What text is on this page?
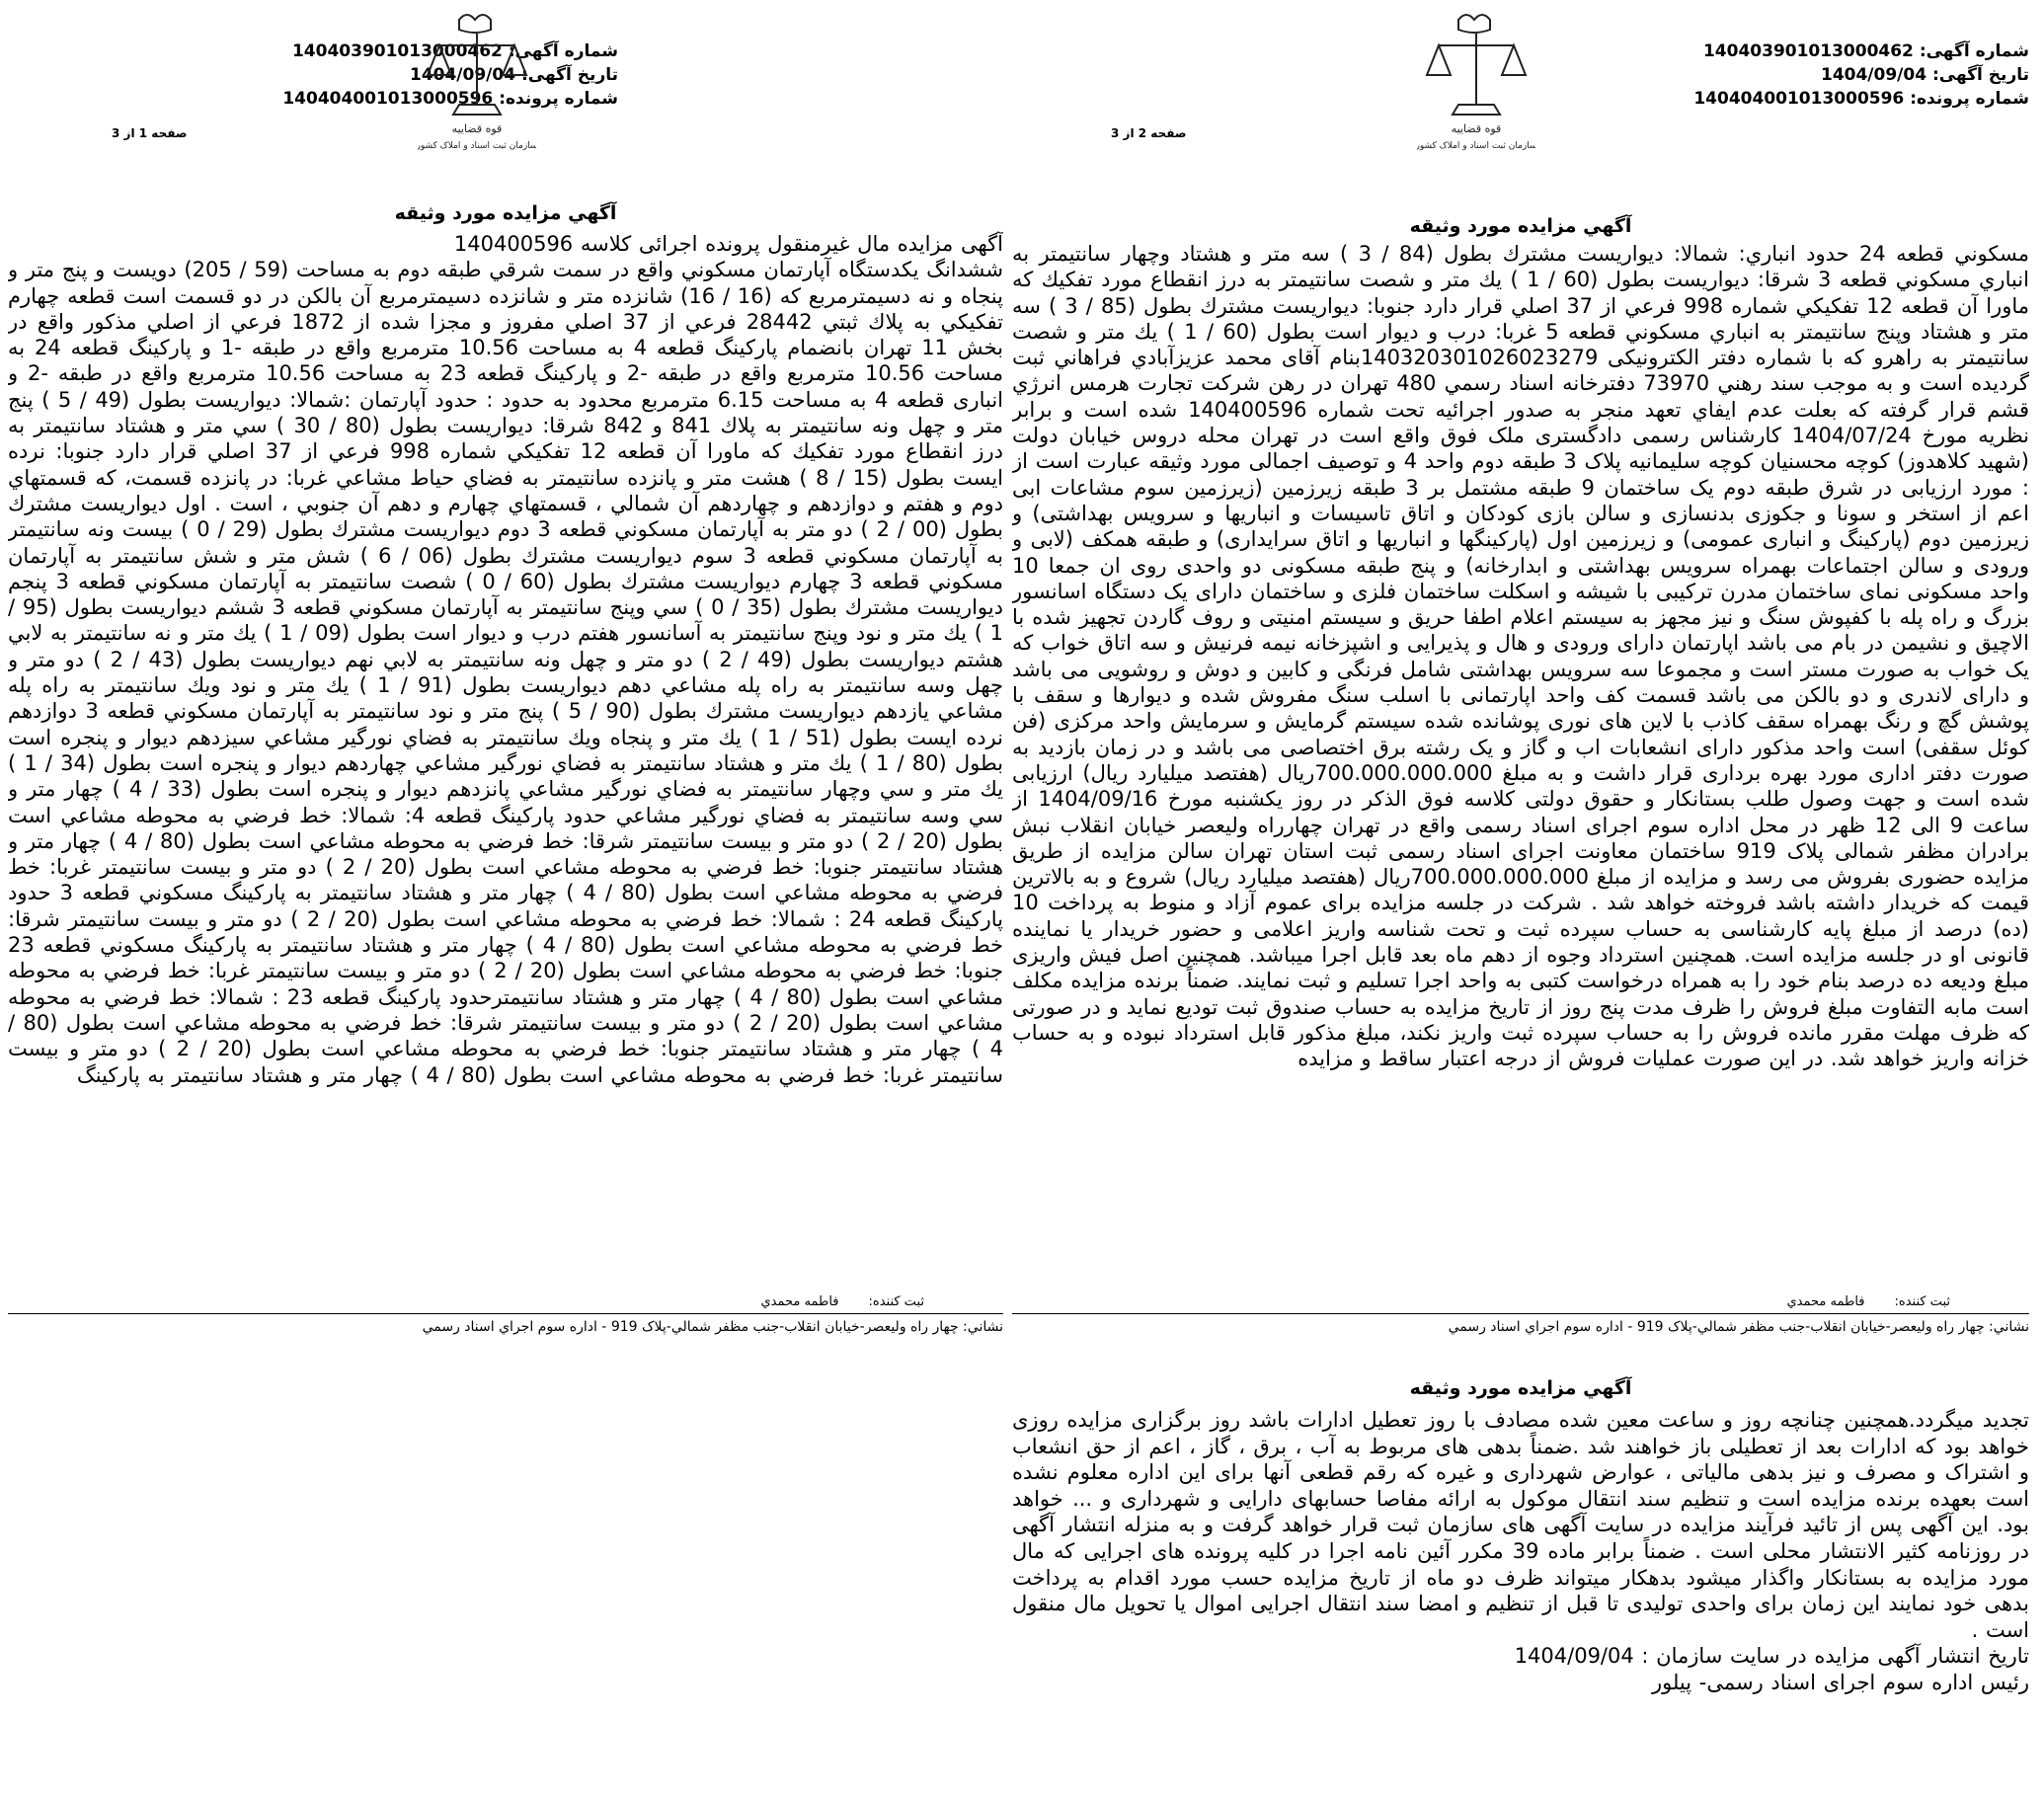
شماره آگهی: 140403901013000462
تاریخ آگهی: 1404/09/04
شماره پرونده: 140404001013000596
قوه قضاییه
سازمان ثبت اسناد و املاک کشور
صفحه 1 از 3
آگهي مزايده مورد وثيقه
آگهی مزایده مال غیرمنقول پرونده اجرائی کلاسه 140400596
ششدانگ يكدستگاه آپارتمان مسكوني واقع در سمت شرقي طبقه دوم به مساحت (59 / 205) دويست و پنج متر و پنجاه و نه دسيمترمربع كه (16 / 16) شانزده متر و شانزده دسيمترمربع آن بالكن در دو قسمت است قطعه چهارم تفكيكي به پلاك ثبتي 28442 فرعي از 37 اصلي مفروز و مجزا شده از 1872 فرعي از اصلي مذكور واقع در بخش 11 تهران بانضمام پاركينگ قطعه 4 به مساحت 10.56 مترمربع واقع در طبقه -1 و پاركينگ قطعه 24 به مساحت 10.56 مترمربع واقع در طبقه -2 و پاركينگ قطعه 23 به مساحت 10.56 مترمربع واقع در طبقه -2 و انباری قطعه 4 به مساحت 6.15 مترمربع محدود به حدود : حدود آپارتمان :شمالا: ديواريست بطول (49 / 5 ) پنج متر و چهل ونه سانتيمتر به پلاك 841 و 842 شرقا: ديواريست بطول (80 / 30 ) سي متر و هشتاد سانتيمتر به درز انقطاع مورد تفكيك كه ماورا آن قطعه 12 تفكيكي شماره 998 فرعي از 37 اصلي قرار دارد جنوبا: نرده ايست بطول (15 / 8 ) هشت متر و پانزده سانتيمتر به فضاي حياط مشاعي غربا: در پانزده قسمت، كه قسمتهاي دوم و هفتم و دوازدهم و چهاردهم آن شمالي ، قسمتهاي چهارم و دهم آن جنوبي ، است . اول ديواريست مشترك بطول (00 / 2 ) دو متر به آپارتمان مسكوني قطعه 3 دوم ديواريست مشترك بطول (29 / 0 ) بيست ونه سانتيمتر به آپارتمان مسكوني قطعه 3 سوم ديواريست مشترك بطول (06 / 6 ) شش متر و شش سانتيمتر به آپارتمان مسكوني قطعه 3 چهارم ديواريست مشترك بطول (60 / 0 ) شصت سانتيمتر به آپارتمان مسكوني قطعه 3 پنجم ديواريست مشترك بطول (35 / 0 ) سي وپنج سانتيمتر به آپارتمان مسكوني قطعه 3 ششم ديواريست بطول (95 / 1 ) يك متر و نود وپنج سانتيمتر به آسانسور هفتم درب و ديوار است بطول (09 / 1 ) يك متر و نه سانتيمتر به لابي هشتم ديواريست بطول (49 / 2 ) دو متر و چهل ونه سانتيمتر به لابي نهم ديواريست بطول (43 / 2 ) دو متر و چهل وسه سانتيمتر به راه پله مشاعي دهم ديواريست بطول (91 / 1 ) يك متر و نود ويك سانتيمتر به راه پله مشاعي يازدهم ديواريست مشترك بطول (90 / 5 ) پنج متر و نود سانتيمتر به آپارتمان مسكوني قطعه 3 دوازدهم نرده ايست بطول (51 / 1 ) يك متر و پنجاه ويك سانتيمتر به فضاي نورگير مشاعي سيزدهم ديوار و پنجره است بطول (80 / 1 ) يك متر و هشتاد سانتيمتر به فضاي نورگير مشاعي چهاردهم ديوار و پنجره است بطول (34 / 1 ) يك متر و سي وچهار سانتيمتر به فضاي نورگير مشاعي پانزدهم ديوار و پنجره است بطول (33 / 4 ) چهار متر و سي وسه سانتيمتر به فضاي نورگير مشاعي حدود پاركينگ قطعه 4: شمالا: خط فرضي به محوطه مشاعي است بطول (20 / 2 ) دو متر و بيست سانتيمتر شرقا: خط فرضي به محوطه مشاعي است بطول (80 / 4 ) چهار متر و هشتاد سانتيمتر جنوبا: خط فرضي به محوطه مشاعي است بطول (20 / 2 ) دو متر و بيست سانتيمتر غربا: خط فرضي به محوطه مشاعي است بطول (80 / 4 ) چهار متر و هشتاد سانتيمتر به پاركينگ مسكوني قطعه 3 حدود پاركينگ قطعه 24 : شمالا: خط فرضي به محوطه مشاعي است بطول (20 / 2 ) دو متر و بيست سانتيمتر شرقا: خط فرضي به محوطه مشاعي است بطول (80 / 4 ) چهار متر و هشتاد سانتيمتر به پاركينگ مسكوني قطعه 23 جنوبا: خط فرضي به محوطه مشاعي است بطول (20 / 2 ) دو متر و بيست سانتيمتر غربا: خط فرضي به محوطه مشاعي است بطول (80 / 4 ) چهار متر و هشتاد سانتيمترحدود پاركينگ قطعه 23 : شمالا: خط فرضي به محوطه مشاعي است بطول (20 / 2 ) دو متر و بيست سانتيمتر شرقا: خط فرضي به محوطه مشاعي است بطول (80 / 4 ) چهار متر و هشتاد سانتيمتر جنوبا: خط فرضي به محوطه مشاعي است بطول (20 / 2 ) دو متر و بيست سانتيمتر غربا: خط فرضي به محوطه مشاعي است بطول (80 / 4 ) چهار متر و هشتاد سانتيمتر به پاركينگ
ثبت كننده:فاطمه محمدي
نشاني: چهار راه وليعصر-خيابان انقلاب-جنب مظفر شمالي-پلاک 919 - اداره سوم اجراي اسناد رسمي
شماره آگهی: 140403901013000462
تاریخ آگهی: 1404/09/04
شماره پرونده: 140404001013000596
قوه قضاییه
سازمان ثبت اسناد و املاک کشور
صفحه 2 از 3
آگهي مزايده مورد وثيقه
مسكوني قطعه 24 حدود انباري: شمالا: ديواريست مشترك بطول (84 / 3 ) سه متر و هشتاد وچهار سانتيمتر به انباري مسكوني قطعه 3 شرقا: ديواريست بطول (60 / 1 ) يك متر و شصت سانتيمتر به درز انقطاع مورد تفكيك كه ماورا آن قطعه 12 تفكيكي شماره 998 فرعي از 37 اصلي قرار دارد جنوبا: ديواريست مشترك بطول (85 / 3 ) سه متر و هشتاد وپنج سانتيمتر به انباري مسكوني قطعه 5 غربا: درب و ديوار است بطول (60 / 1 ) يك متر و شصت سانتيمتر به راهرو كه با شماره دفتر الكترونيكی 14032030102602327​9بنام آقای محمد عزیزآبادي فراهاني ثبت گرديده است و به موجب سند رهني 73970 دفترخانه اسناد رسمي 480 تهران در رهن شركت تجارت هرمس انرژي قشم قرار گرفته كه بعلت عدم ايفاي تعهد منجر به صدور اجرائيه تحت شماره 140400596 شده است و برابر نظريه مورخ 1404/07/24 كارشناس رسمی دادگستری ملک فوق واقع است در تهران محله دروس خیابان دولت (شهید کلاهدوز) کوچه محسنیان کوچه سلیمانیه پلاک 3 طبقه دوم واحد 4 و توصیف اجمالی مورد وثیقه عبارت است از : مورد ارزیابی در شرق طبقه دوم یک ساختمان 9 طبقه مشتمل بر 3 طبقه زیرزمین (زیرزمین سوم مشاعات ابی اعم از استخر و سونا و جکوزی بدنسازی و سالن بازی کودکان و اتاق تاسیسات و انباریها و سرویس بهداشتی) و زیرزمین دوم (پارکینگ و انباری عمومی) و زیرزمین اول (پارکینگها و انباریها و اتاق سرایداری) و طبقه همکف (لابی و ورودی و سالن اجتماعات بهمراه سرویس بهداشتی و ابدارخانه) و پنج طبقه مسکونی دو واحدی روی ان جمعا 10 واحد مسکونی نمای ساختمان مدرن ترکیبی با شیشه و اسکلت ساختمان فلزی و ساختمان دارای یک دستگاه اسانسور بزرگ و راه پله با کفپوش سنگ و نیز مجهز به سیستم اعلام اطفا حریق و سیستم امنیتی و روف گاردن تجهیز شده با الاچیق و نشیمن در بام می باشد اپارتمان دارای ورودی و هال و پذیرایی و اشپزخانه نیمه فرنیش و سه اتاق خواب که یک خواب به صورت مستر است و مجموعا سه سرویس بهداشتی شامل فرنگی و کابین و دوش و روشویی می باشد و دارای لاندری و دو بالکن می باشد قسمت کف واحد اپارتمانی با اسلب سنگ مفروش شده و دیوارها و سقف با پوشش گچ و رنگ بهمراه سقف کاذب با لاین های نوری پوشانده شده سیستم گرمایش و سرمایش واحد مرکزی (فن کوئل سقفی) است واحد مذکور دارای انشعابات اب و گاز و یک رشته برق اختصاصی می باشد و در زمان بازدید به صورت دفتر اداری مورد بهره برداری قرار داشت و به مبلغ 700.000.000.000ریال (هفتصد میلیارد ریال) ارزیابی شده است و جهت وصول طلب بستانکار و حقوق دولتی کلاسه فوق الذکر در روز یکشنبه مورخ 1404/09/16 از ساعت 9 الی 12 ظهر در محل اداره سوم اجرای اسناد رسمی واقع در تهران چهارراه ولیعصر خیابان انقلاب نبش برادران مظفر شمالی پلاک 919 ساختمان معاونت اجرای اسناد رسمی ثبت استان تهران سالن مزایده از طریق مزایده حضوری بفروش می رسد و مزایده از مبلغ 700.000.000.000ریال (هفتصد میلیارد ریال) شروع و به بالاترین قیمت که خریدار داشته باشد فروخته خواهد شد . شرکت در جلسه مزایده برای عموم آزاد و منوط به پرداخت 10 (ده) درصد از مبلغ پایه کارشناسی به حساب سپرده ثبت و تحت شناسه واریز اعلامی و حضور خریدار یا نماینده قانونی او در جلسه مزایده است. همچنین استرداد وجوه از دهم ماه بعد قابل اجرا میباشد. همچنین اصل فیش واریزی مبلغ ودیعه ده درصد بنام خود را به همراه درخواست کتبی به واحد اجرا تسلیم و ثبت نمایند. ضمناً برنده مزایده مکلف است مابه التفاوت مبلغ فروش را ظرف مدت پنج روز از تاریخ مزایده به حساب صندوق ثبت تودیع نماید و در صورتی که ظرف مهلت مقرر مانده فروش را به حساب سپرده ثبت واریز نکند، مبلغ مذکور قابل استرداد نبوده و به حساب خزانه واریز خواهد شد. در این صورت عملیات فروش از درجه اعتبار ساقط و مزایده
ثبت كننده:فاطمه محمدي
نشاني: چهار راه وليعصر-خيابان انقلاب-جنب مظفر شمالي-پلاک 919 - اداره سوم اجراي اسناد رسمي
آگهي مزايده مورد وثيقه
تجدید میگردد.همچنین چنانچه روز و ساعت معین شده مصادف با روز تعطیل ادارات باشد روز برگزاری مزایده روزی خواهد بود که ادارات بعد از تعطیلی باز خواهند شد .ضمناً بدهی های مربوط به آب ، برق ، گاز ، اعم از حق انشعاب و اشتراک و مصرف و نیز بدهی مالیاتی ، عوارض شهرداری و غیره که رقم قطعی آنها برای این اداره معلوم نشده است بعهده برنده مزایده است و تنظیم سند انتقال موکول به ارائه مفاصا حسابهای دارایی و شهرداری و ... خواهد بود. این آگهی پس از تائید فرآیند مزایده در سایت آگهی های سازمان ثبت قرار خواهد گرفت و به منزله انتشار آگهی در روزنامه کثیر الانتشار محلی است . ضمناً برابر ماده 39 مکرر آئین نامه اجرا در کلیه پرونده های اجرایی که مال مورد مزایده به بستانکار واگذار میشود بدهکار میتواند ظرف دو ماه از تاریخ مزایده حسب مورد اقدام به پرداخت بدهی خود نمایند این زمان برای واحدی تولیدی تا قبل از تنظیم و امضا سند انتقال اجرایی اموال یا تحویل مال منقول است .
تاریخ انتشار آگهی مزایده در سایت سازمان : 1404/09/04
رئیس اداره سوم اجرای اسناد رسمی- پیلور
